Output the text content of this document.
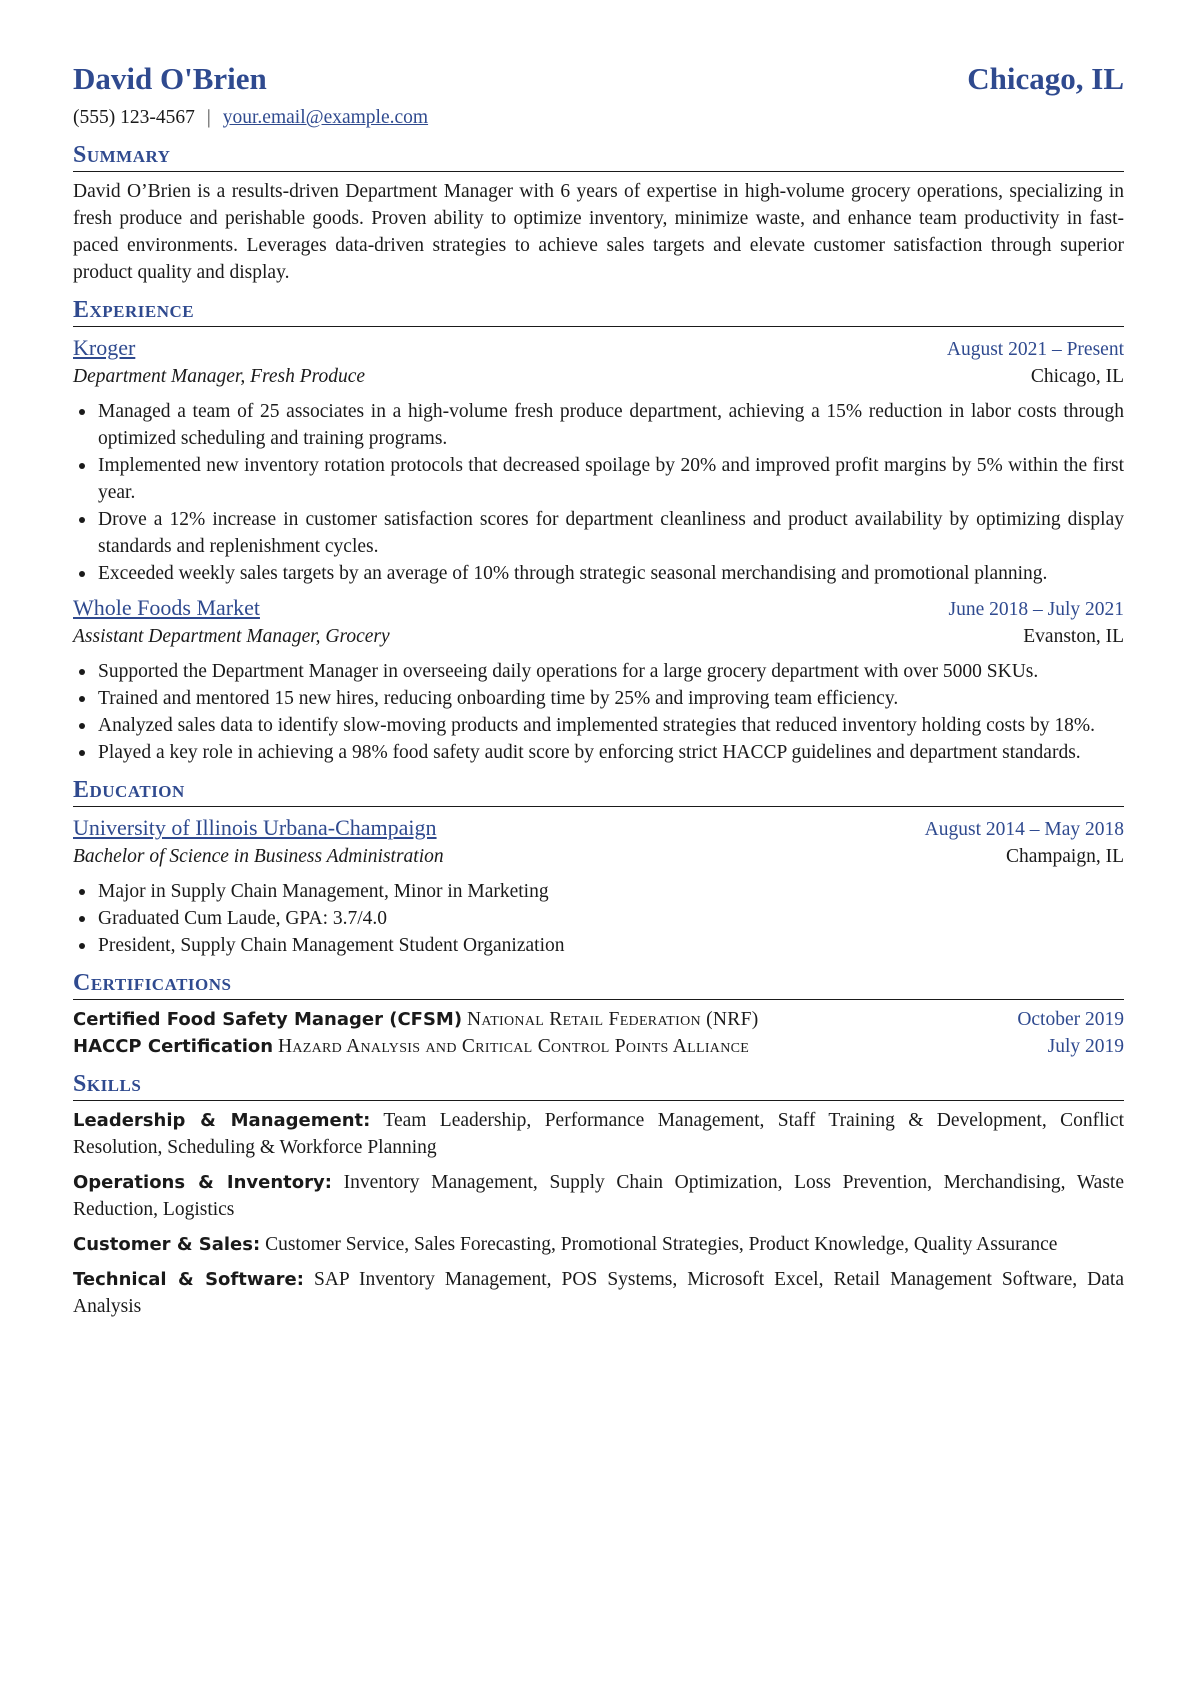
David O'Brien	Chicago, IL
(555) 123-4567 | your.email@example.com
Summary
David O’Brien is a results-driven Department Manager with 6 years of expertise in high-volume grocery operations, specializing in fresh produce and perishable goods. Proven ability to optimize inventory, minimize waste, and enhance team productivity in fast-paced environments. Leverages data-driven strategies to achieve sales targets and elevate customer satisfaction through superior product quality and display.
Experience
Kroger	August 2021 – Present
Department Manager, Fresh Produce	Chicago, IL
Managed a team of 25 associates in a high-volume fresh produce department, achieving a 15% reduction in labor costs through optimized scheduling and training programs.
Implemented new inventory rotation protocols that decreased spoilage by 20% and improved profit margins by 5% within the first year.
Drove a 12% increase in customer satisfaction scores for department cleanliness and product availability by optimizing display standards and replenishment cycles.
Exceeded weekly sales targets by an average of 10% through strategic seasonal merchandising and promotional planning.
Whole Foods Market	June 2018 – July 2021
Assistant Department Manager, Grocery	Evanston, IL
Supported the Department Manager in overseeing daily operations for a large grocery department with over 5000 SKUs.
Trained and mentored 15 new hires, reducing onboarding time by 25% and improving team efficiency.
Analyzed sales data to identify slow-moving products and implemented strategies that reduced inventory holding costs by 18%.
Played a key role in achieving a 98% food safety audit score by enforcing strict HACCP guidelines and department standards.
Education
University of Illinois Urbana-Champaign	August 2014 – May 2018
Bachelor of Science in Business Administration	Champaign, IL
Major in Supply Chain Management, Minor in Marketing
Graduated Cum Laude, GPA: 3.7/4.0
President, Supply Chain Management Student Organization
Certifications
Certified Food Safety Manager (CFSM) National Retail Federation (NRF)	October 2019
HACCP Certification Hazard Analysis and Critical Control Points Alliance	July 2019
Skills
Leadership & Management: Team Leadership, Performance Management, Staff Training & Development, Conflict Resolution, Scheduling & Workforce Planning
Operations & Inventory: Inventory Management, Supply Chain Optimization, Loss Prevention, Merchandising, Waste Reduction, Logistics
Customer & Sales: Customer Service, Sales Forecasting, Promotional Strategies, Product Knowledge, Quality Assurance
Technical & Software: SAP Inventory Management, POS Systems, Microsoft Excel, Retail Management Software, Data Analysis
